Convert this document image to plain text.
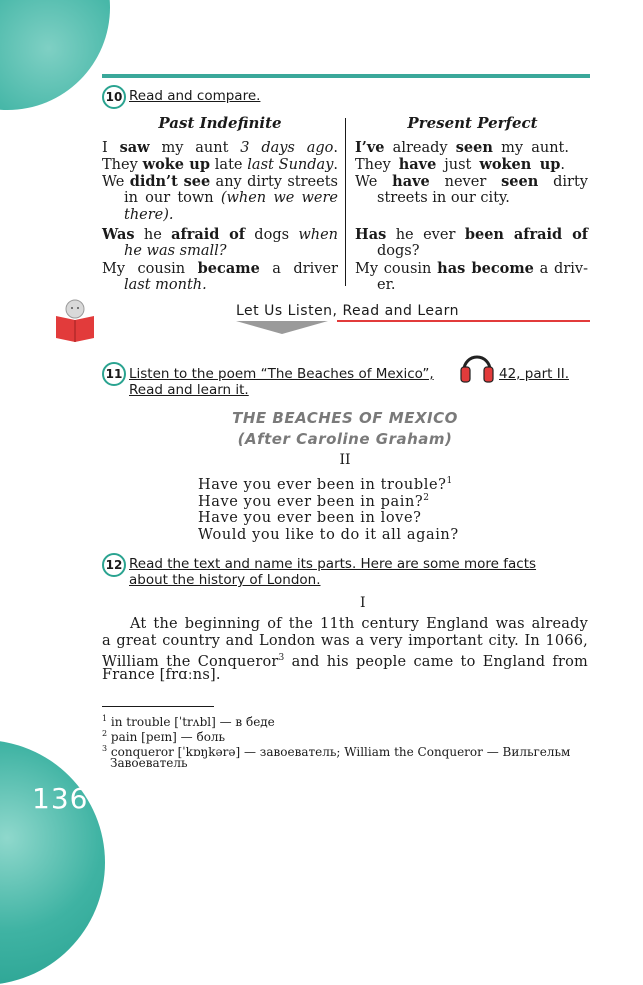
136
10 Read and compare.
Past Indefinite	Present Perfect
I saw my aunt 3 days ago.
They woke up late last Sunday.
We didn’t see any dirty streets
in our town (when we were
there).
Was he afraid of dogs when
he was small?
My cousin became a driver
last month.
I’ve already seen my aunt.
They have just woken up.
We have never seen dirty
streets in our city.
Has he ever been afraid of
dogs?
My cousin has become a driv-
er.
Let Us Listen, Read and Learn
11 Listen to the poem “The Beaches of Mexico”,	42, part II.
Read and learn it.
THE BEACHES OF MEXICO
(After Caroline Graham)
II
Have you ever been in trouble?$^1$
Have you ever been in pain?$^2$
Have you ever been in love?
Would you like to do it all again?
12 Read the text and name its parts. Here are some more facts
about the history of London.
I
At the beginning of the 11th century England was already
a great country and London was a very important city. In 1066,
William the Conqueror$^3$ and his people came to England from
France [frɑːns].
$^1$ in trouble [ˈtrʌbl] — в беде
$^2$ pain [peɪn] — боль
$^3$ conqueror [ˈkɒŋkərə] — завоеватель; William the Conqueror — Вильгельм
Завоеватель
